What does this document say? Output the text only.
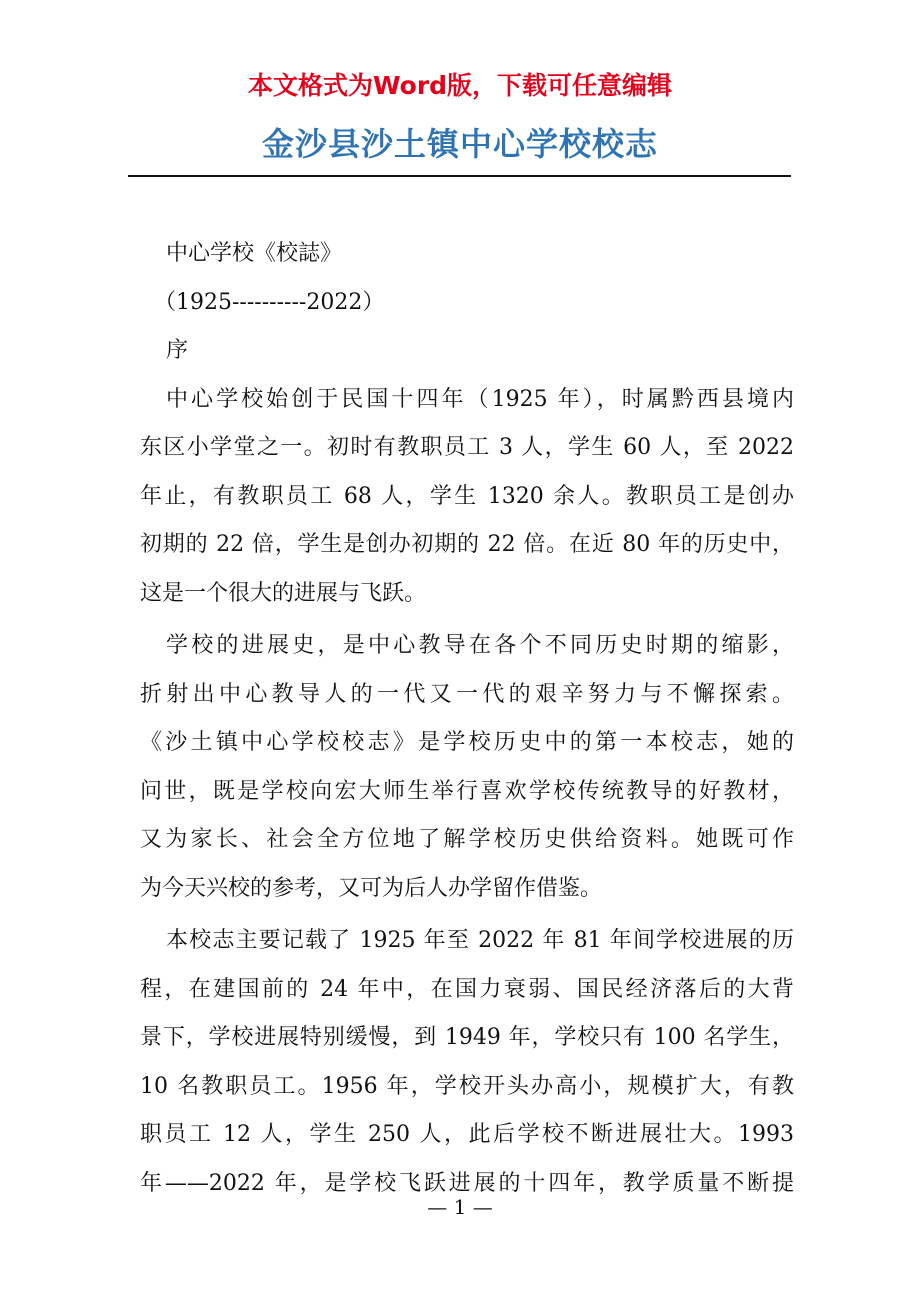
本文格式为Word版，下载可任意编辑
金沙县沙土镇中心学校校志
中心学校《校誌》
（1925----------2022）
序
中心学校始创于民国十四年（1925 年），时属黔西县境内
东区小学堂之一。初时有教职员工 3 人，学生 60 人，至 2022
年止，有教职员工 68 人，学生 1320 余人。教职员工是创办
初期的 22 倍，学生是创办初期的 22 倍。在近 80 年的历史中，
这是一个很大的进展与飞跃。
学校的进展史，是中心教导在各个不同历史时期的缩影，
折射出中心教导人的一代又一代的艰辛努力与不懈探索。
《沙土镇中心学校校志》是学校历史中的第一本校志，她的
问世，既是学校向宏大师生举行喜欢学校传统教导的好教材，
又为家长、社会全方位地了解学校历史供给资料。她既可作
为今天兴校的参考，又可为后人办学留作借鉴。
本校志主要记载了 1925 年至 2022 年 81 年间学校进展的历
程，在建国前的 24 年中，在国力衰弱、国民经济落后的大背
景下，学校进展特别缓慢，到 1949 年，学校只有 100 名学生，
10 名教职员工。1956 年，学校开头办高小，规模扩大，有教
职员工 12 人，学生 250 人，此后学校不断进展壮大。1993
年——2022 年，是学校飞跃进展的十四年，教学质量不断提
— 1 —
